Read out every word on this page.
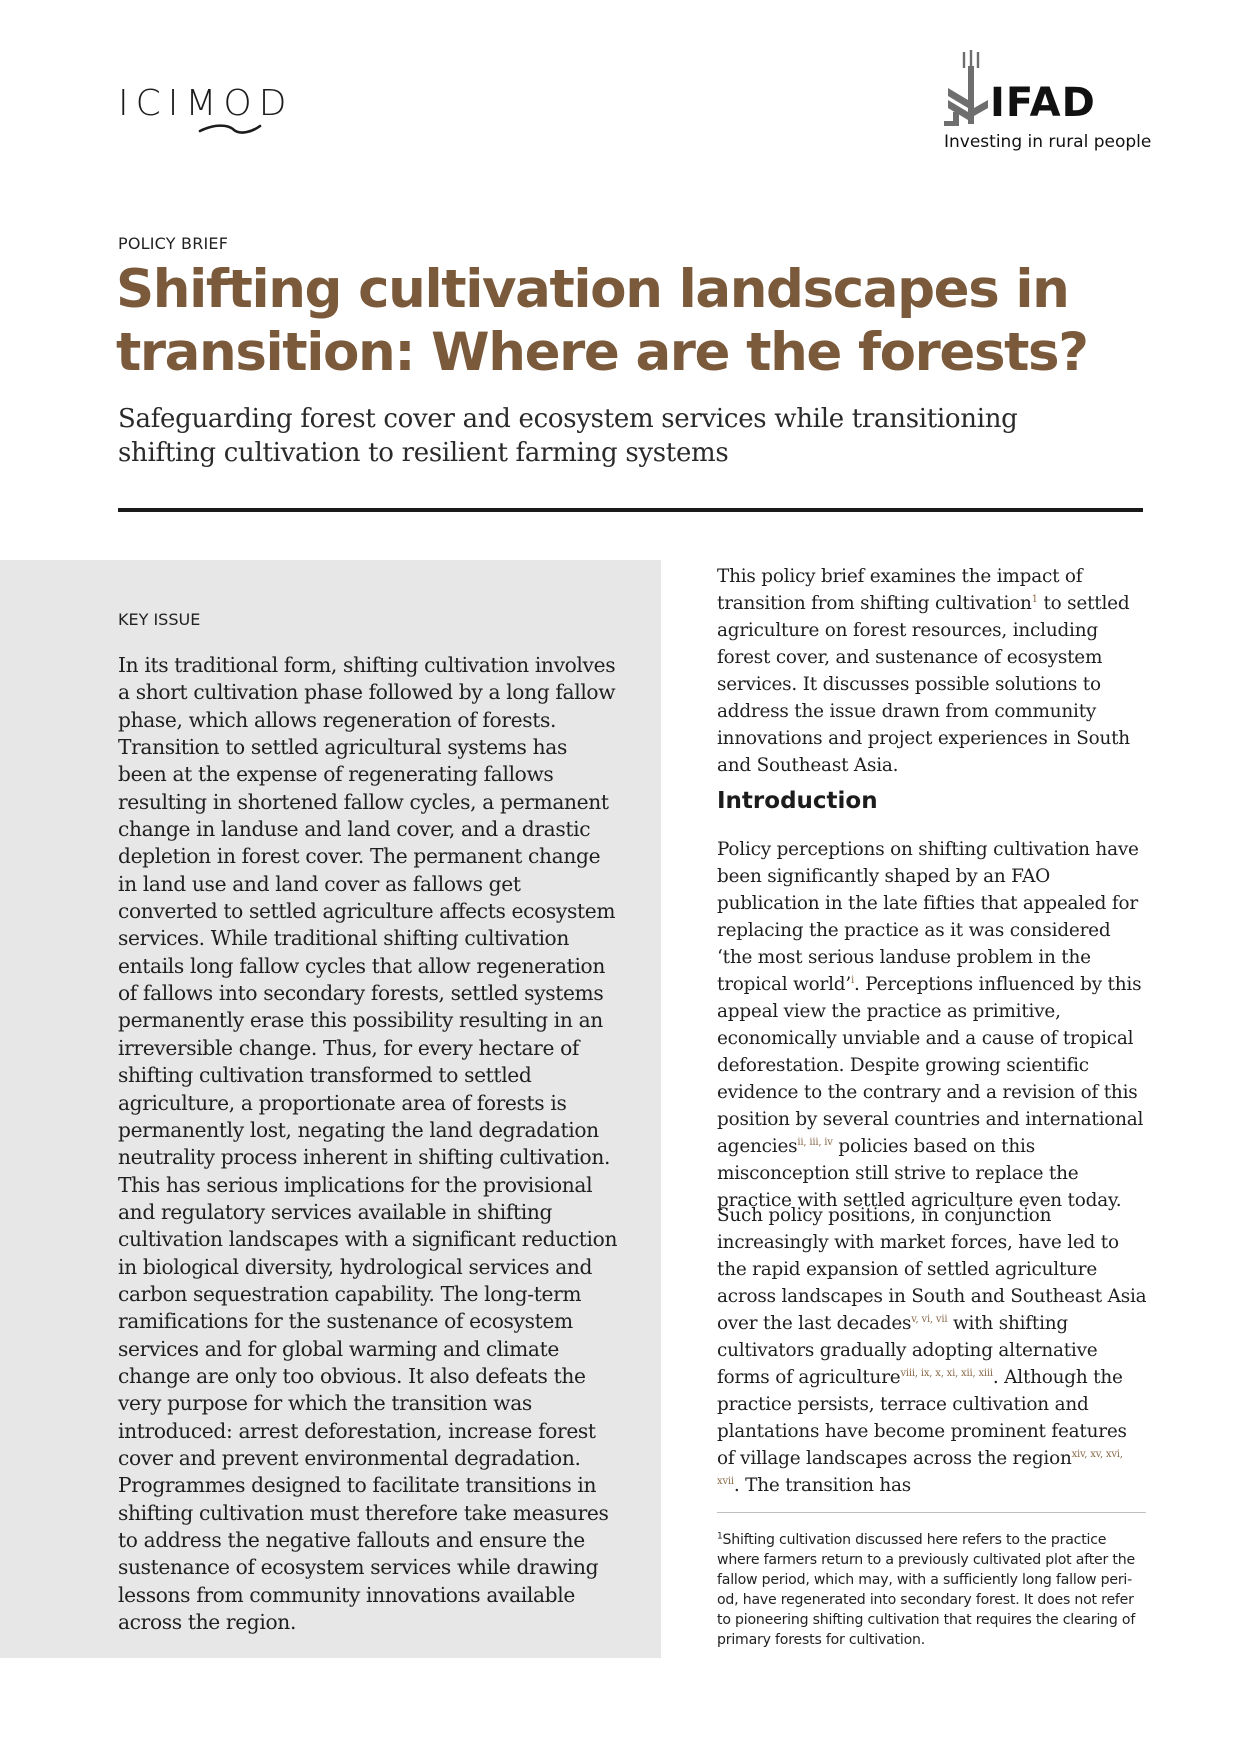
ICIMOD	IFAD
Investing in rural people
POLICY BRIEF
Shifting cultivation landscapes in transition: Where are the forests?
Safeguarding forest cover and ecosystem services while transitioning shifting cultivation to resilient farming systems
KEY ISSUE
In its traditional form, shifting cultivation involves a short cultivation phase followed by a long fallow phase, which allows regeneration of forests. Transition to settled agricultural systems has been at the expense of regenerating fallows resulting in shortened fallow cycles, a permanent change in landuse and land cover, and a drastic depletion in forest cover. The permanent change in land use and land cover as fallows get converted to settled agriculture affects ecosystem services. While traditional shifting cultivation entails long fallow cycles that allow regeneration of fallows into secondary forests, settled systems permanently erase this possibility resulting in an irreversible change. Thus, for every hectare of shifting cultivation transformed to settled agriculture, a proportionate area of forests is permanently lost, negating the land degradation neutrality process inherent in shifting cultivation. This has serious implications for the provisional and regulatory services available in shifting cultivation landscapes with a significant reduction in biological diversity, hydrological services and carbon sequestration capability. The long-term ramifications for the sustenance of ecosystem services and for global warming and climate change are only too obvious. It also defeats the very purpose for which the transition was introduced: arrest deforestation, increase forest cover and prevent environmental degradation. Programmes designed to facilitate transitions in shifting cultivation must therefore take measures to address the negative fallouts and ensure the sustenance of ecosystem services while drawing lessons from community innovations available across the region.
This policy brief examines the impact of transition from shifting cultivation$^1$ to settled agriculture on forest resources, including forest cover, and sustenance of ecosystem services. It discusses possible solutions to address the issue drawn from community innovations and project experiences in South and Southeast Asia.
Introduction
Policy perceptions on shifting cultivation have been significantly shaped by an FAO publication in the late fifties that appealed for replacing the practice as it was considered ‘the most serious landuse problem in the tropical world’$^i$. Perceptions influenced by this appeal view the practice as primitive, economically unviable and a cause of tropical deforestation. Despite growing scientific evidence to the contrary and a revision of this position by several countries and international agencies$^{ii, iii, iv}$ policies based on this misconception still strive to replace the practice with settled agriculture even today.
Such policy positions, in conjunction increasingly with market forces, have led to the rapid expansion of settled agriculture across landscapes in South and Southeast Asia over the last decades$^{v, vi, vii}$ with shifting cultivators gradually adopting alternative forms of agriculture$^{viii, ix, x, xi, xii, xiii}$. Although the practice persists, terrace cultivation and plantations have become prominent features of village landscapes across the region$^{xiv, xv, xvi, xvii}$. The transition has
$^1$Shifting cultivation discussed here refers to the practice where farmers return to a previously cultivated plot after the fallow period, which may, with a sufficiently long fallow peri-od, have regenerated into secondary forest. It does not refer to pioneering shifting cultivation that requires the clearing of primary forests for cultivation.
